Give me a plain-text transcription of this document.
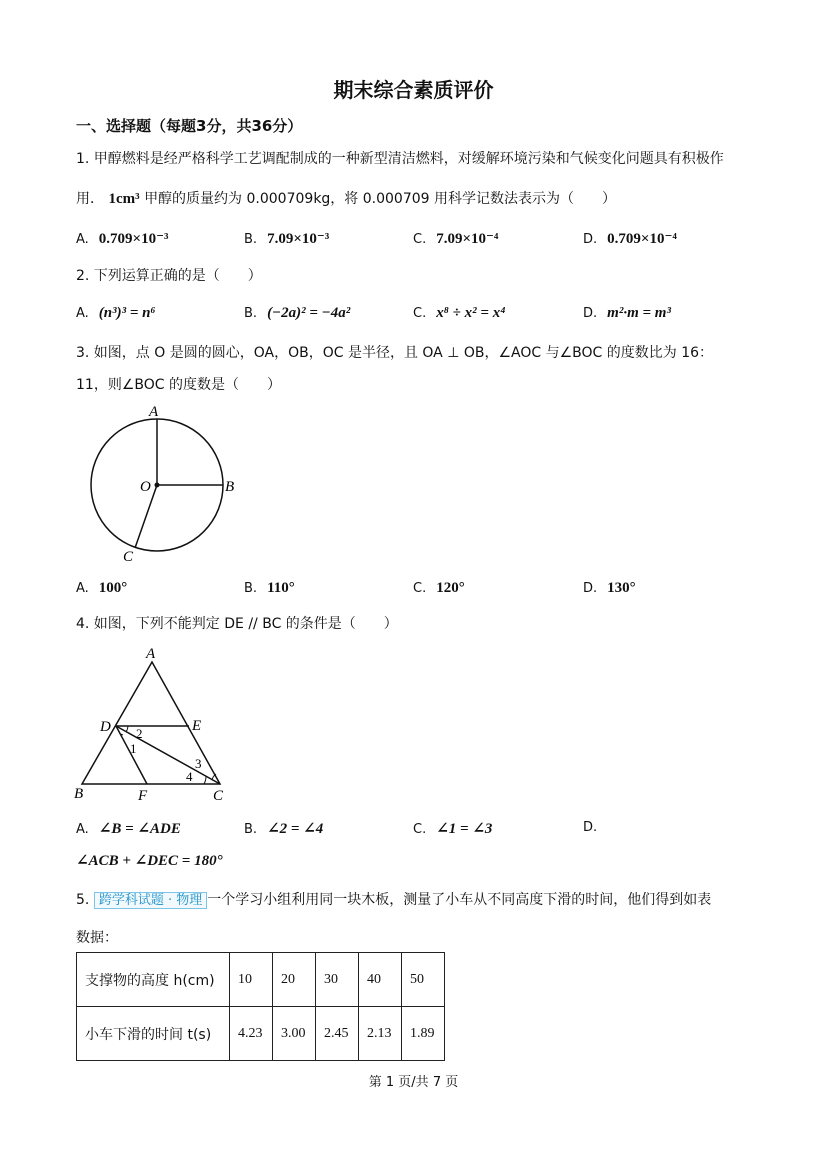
期末综合素质评价
一、选择题（每题3分，共36分）
1. 甲醇燃料是经严格科学工艺调配制成的一种新型清洁燃料，对缓解环境污染和气候变化问题具有积极作
用． 1cm³ 甲醇的质量约为 0.000709kg，将 0.000709 用科学记数法表示为（　　）
A. 0.709×10⁻³	B. 7.09×10⁻³	C. 7.09×10⁻⁴	D. 0.709×10⁻⁴
2. 下列运算正确的是（　　）
A. (n³)³ = n⁶	B. (−2a)² = −4a²	C. x⁸ ÷ x² = x⁴	D. m²·m = m³
3. 如图，点 O 是圆的圆心，OA，OB，OC 是半径，且 OA ⊥ OB，∠AOC 与∠BOC 的度数比为 16：
11，则∠BOC 的度数是（　　）
A
B
C
O
A. 100°	B. 110°	C. 120°	D. 130°
4. 如图，下列不能判定 DE // BC 的条件是（　　）
A
D	E
B	F	C
1
2
3
4
A. ∠B = ∠ADE	B. ∠2 = ∠4	C. ∠1 = ∠3	D.
∠ACB + ∠DEC = 180°
5. 跨学科试题 · 物理 一个学习小组利用同一块木板，测量了小车从不同高度下滑的时间，他们得到如表
数据：
支撑物的高度 h(cm)	10	20	30	40	50
小车下滑的时间 t(s)	4.23	3.00	2.45	2.13	1.89
第 1 页/共 7 页
